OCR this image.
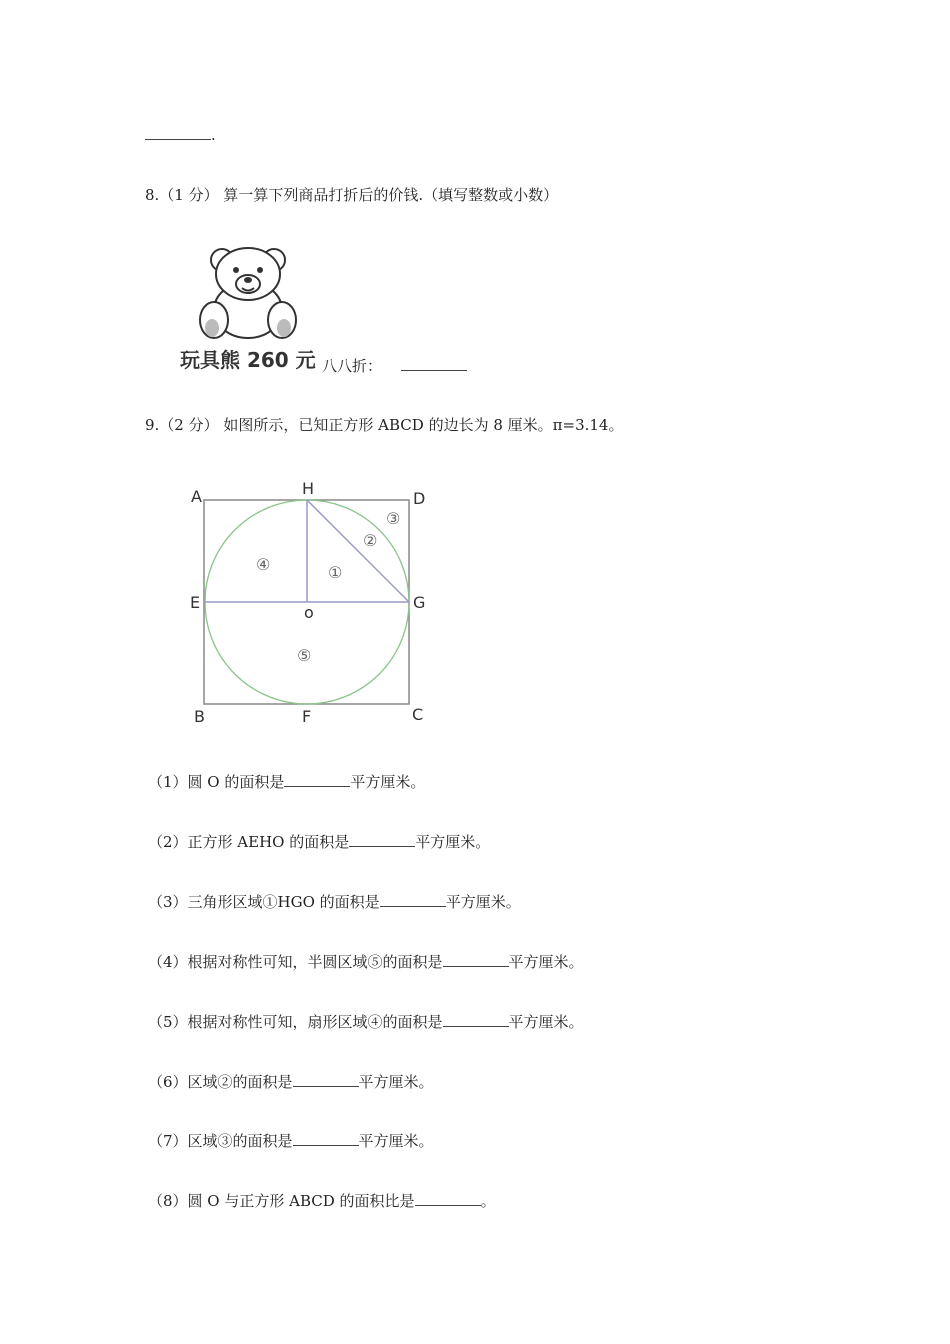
.
8.（1 分） 算一算下列商品打折后的价钱.（填写整数或小数）
玩具熊 260 元 八八折：
9.（2 分） 如图所示，已知正方形 ABCD 的边长为 8 厘米。π=3.14。
A	H
D
E
o
G
B	F	C
①
②
③
④
⑤
（1）圆 O 的面积是	平方厘米。
（2）正方形 AEHO 的面积是	平方厘米。
（3）三角形区域①HGO 的面积是	平方厘米。
（4）根据对称性可知，半圆区域⑤的面积是	平方厘米。
（5）根据对称性可知，扇形区域④的面积是	平方厘米。
（6）区域②的面积是	平方厘米。
（7）区域③的面积是	平方厘米。
（8）圆 O 与正方形 ABCD 的面积比是	。
